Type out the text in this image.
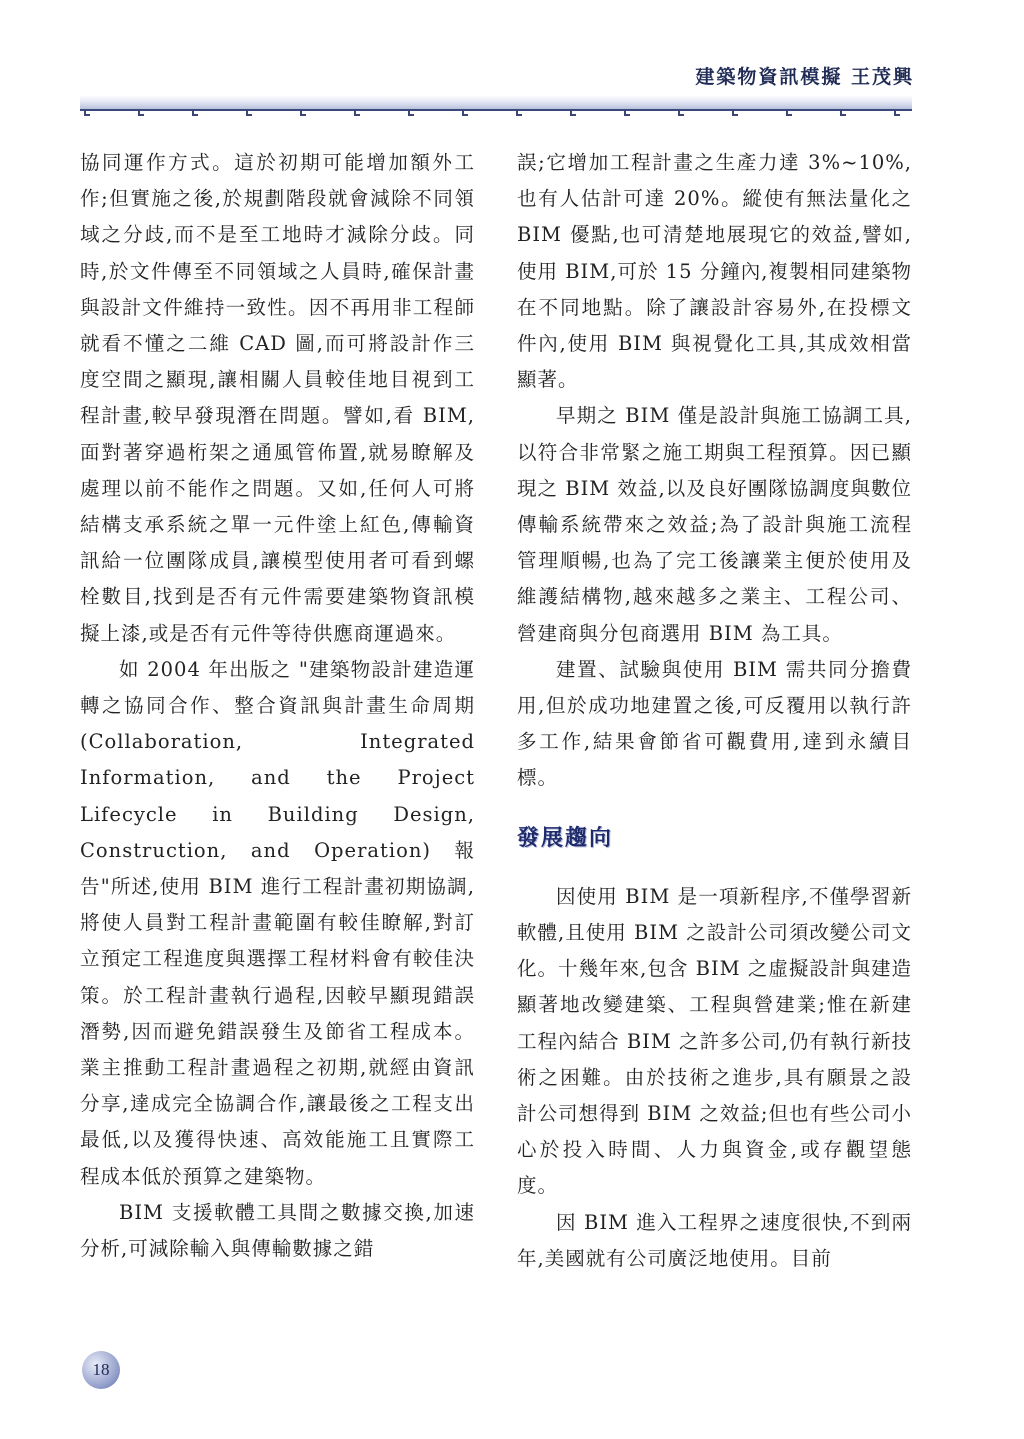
建築物資訊模擬 王茂興

協同運作方式。這於初期可能增加額外工作;但實施之後,於規劃階段就會減除不同領域之分歧,而不是至工地時才減除分歧。同時,於文件傳至不同領域之人員時,確保計畫與設計文件維持一致性。因不再用非工程師就看不懂之二維 CAD 圖,而可將設計作三度空間之顯現,讓相關人員較佳地目視到工程計畫,較早發現潛在問題。譬如,看 BIM,面對著穿過桁架之通風管佈置,就易瞭解及處理以前不能作之問題。又如,任何人可將結構支承系統之單一元件塗上紅色,傳輸資訊給一位團隊成員,讓模型使用者可看到螺栓數目,找到是否有元件需要建築物資訊模擬上漆,或是否有元件等待供應商運過來。

如 2004 年出版之 "建築物設計建造運轉之協同合作、整合資訊與計畫生命周期(Collaboration, Integrated Information, and the Project Lifecycle in Building Design, Construction, and Operation) 報告"所述,使用 BIM 進行工程計畫初期協調,將使人員對工程計畫範圍有較佳瞭解,對訂立預定工程進度與選擇工程材料會有較佳決策。於工程計畫執行過程,因較早顯現錯誤潛勢,因而避免錯誤發生及節省工程成本。業主推動工程計畫過程之初期,就經由資訊分享,達成完全協調合作,讓最後之工程支出最低,以及獲得快速、高效能施工且實際工程成本低於預算之建築物。

BIM 支援軟體工具間之數據交換,加速分析,可減除輸入與傳輸數據之錯

誤;它增加工程計畫之生產力達 3%~10%,也有人估計可達 20%。縱使有無法量化之 BIM 優點,也可清楚地展現它的效益,譬如,使用 BIM,可於 15 分鐘內,複製相同建築物在不同地點。除了讓設計容易外,在投標文件內,使用 BIM 與視覺化工具,其成效相當顯著。

早期之 BIM 僅是設計與施工協調工具,以符合非常緊之施工期與工程預算。因已顯現之 BIM 效益,以及良好團隊協調度與數位傳輸系統帶來之效益;為了設計與施工流程管理順暢,也為了完工後讓業主便於使用及維護結構物,越來越多之業主、工程公司、營建商與分包商選用 BIM 為工具。

建置、試驗與使用 BIM 需共同分擔費用,但於成功地建置之後,可反覆用以執行許多工作,結果會節省可觀費用,達到永續目標。

發展趨向

因使用 BIM 是一項新程序,不僅學習新軟體,且使用 BIM 之設計公司須改變公司文化。十幾年來,包含 BIM 之虛擬設計與建造顯著地改變建築、工程與營建業;惟在新建工程內結合 BIM 之許多公司,仍有執行新技術之困難。由於技術之進步,具有願景之設計公司想得到 BIM 之效益;但也有些公司小心於投入時間、人力與資金,或存觀望態度。

因 BIM 進入工程界之速度很快,不到兩年,美國就有公司廣泛地使用。目前

18
